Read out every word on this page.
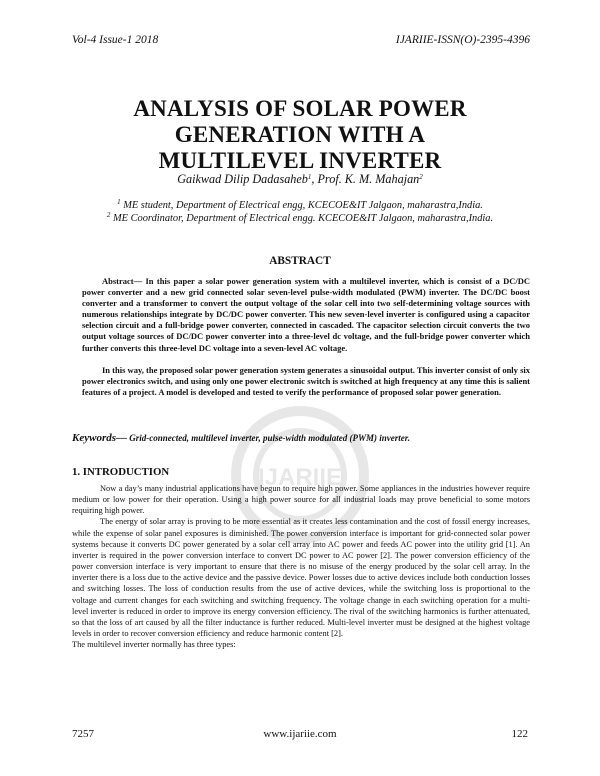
Vol-4 Issue-1 2018	IJARIIE-ISSN(O)-2395-4396
ANALYSIS OF SOLAR POWER
GENERATION WITH A
MULTILEVEL INVERTER
Gaikwad Dilip Dadasaheb$^1$, Prof. K. M. Mahajan$^2$
$^1$ ME student, Department of Electrical engg, KCECOE&IT Jalgaon, maharastra,India.
$^2$ ME Coordinator, Department of Electrical engg. KCECOE&IT Jalgaon, maharastra,India.
IJARIIE
ABSTRACT

Abstract— In this paper a solar power generation system with a multilevel inverter, which is consist of a DC/DC power converter and a new grid connected solar seven-level pulse-width modulated (PWM) inverter. The DC/DC boost converter and a transformer to convert the output voltage of the solar cell into two self-determining voltage sources with numerous relationships integrate by DC/DC power converter. This new seven-level inverter is configured using a capacitor selection circuit and a full-bridge power converter, connected in cascaded. The capacitor selection circuit converts the two output voltage sources of DC/DC power converter into a three-level dc voltage, and the full-bridge power converter which further converts this three-level DC voltage into a seven-level AC voltage.

In this way, the proposed solar power generation system generates a sinusoidal output. This inverter consist of only six power electronics switch, and using only one power electronic switch is switched at high frequency at any time this is salient features of a project. A model is developed and tested to verify the performance of proposed solar power generation.

Keywords— Grid-connected, multilevel inverter, pulse-width modulated (PWM) inverter.
1. INTRODUCTION

Now a day’s many industrial applications have begun to require high power. Some appliances in the industries however require medium or low power for their operation. Using a high power source for all industrial loads may prove beneficial to some motors requiring high power.

The energy of solar array is proving to be more essential as it creates less contamination and the cost of fossil energy increases, while the expense of solar panel exposures is diminished. The power conversion interface is important for grid-connected solar power systems because it converts DC power generated by a solar cell array into AC power and feeds AC power into the utility grid [1]. An inverter is required in the power conversion interface to convert DC power to AC power [2]. The power conversion efficiency of the power conversion interface is very important to ensure that there is no misuse of the energy produced by the solar cell array. In the inverter there is a loss due to the active device and the passive device. Power losses due to active devices include both conduction losses and switching losses. The loss of conduction results from the use of active devices, while the switching loss is proportional to the voltage and current changes for each switching and switching frequency. The voltage change in each switching operation for a multi-level inverter is reduced in order to improve its energy conversion efficiency. The rival of the switching harmonics is further attenuated, so that the loss of art caused by all the filter inductance is further reduced. Multi-level inverter must be designed at the highest voltage levels in order to recover conversion efficiency and reduce harmonic content [2].

The multilevel inverter normally has three types:

7257	www.ijariie.com	122
